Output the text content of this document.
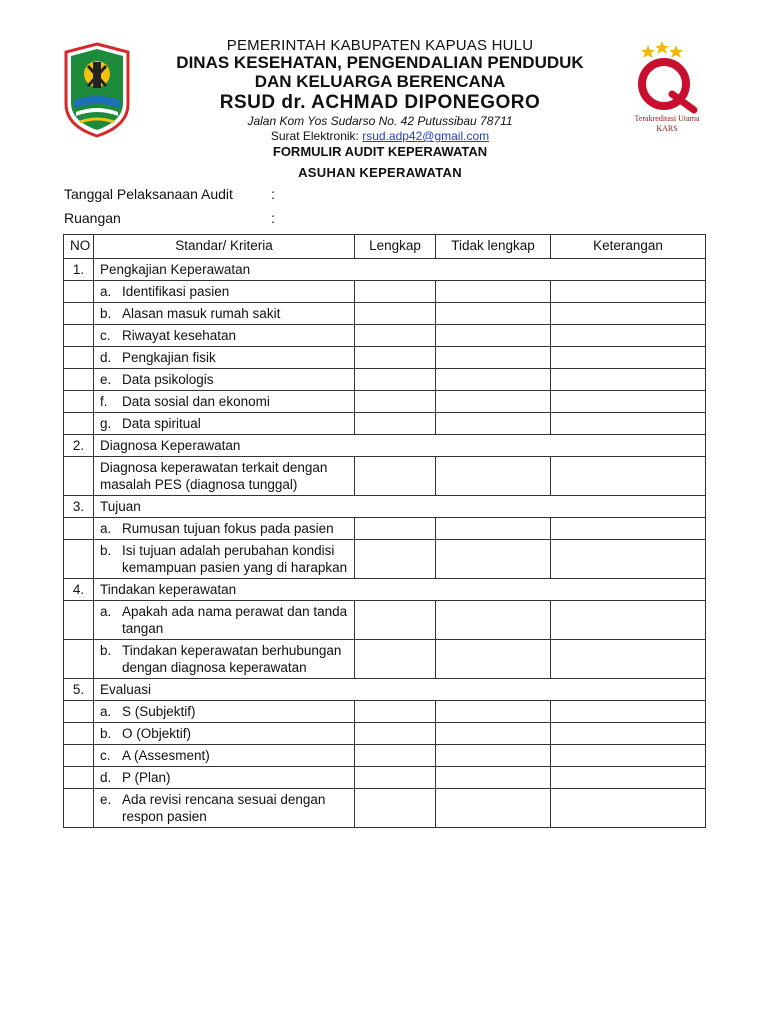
PEMERINTAH KABUPATEN KAPUAS HULU
DINAS KESEHATAN, PENGENDALIAN PENDUDUK
DAN KELUARGA BERENCANA
RSUD dr. ACHMAD DIPONEGORO
Jalan Kom Yos Sudarso No. 42 Putussibau 78711
Surat Elektronik: rsud.adp42@gmail.com
FORMULIR AUDIT KEPERAWATAN
ASUHAN KEPERAWATAN
Terakreditasi Utama
KARS
Tanggal Pelaksanaan Audit	:
Ruangan	:
NO	Standar/ Kriteria	Lengkap	Tidak lengkap	Keterangan
1.	Pengkajian Keperawatan			

	a. Identifikasi pasien			

	b. Alasan masuk rumah sakit			

	c. Riwayat kesehatan			

	d. Pengkajian fisik			

	e. Data psikologis			

	f. Data sosial dan ekonomi			

	g. Data spiritual			

2.	Diagnosa Keperawatan			

	Diagnosa keperawatan terkait dengan masalah PES (diagnosa tunggal)			

3.	Tujuan			

	a. Rumusan tujuan fokus pada pasien			

	b. Isi tujuan adalah perubahan kondisi kemampuan pasien yang di harapkan			

4.	Tindakan keperawatan			

	a. Apakah ada nama perawat dan tanda tangan			

	b. Tindakan keperawatan berhubungan dengan diagnosa keperawatan			

5.	Evaluasi			

	a. S (Subjektif)			

	b. O (Objektif)			

	c. A (Assesment)			

	d. P (Plan)			

	e. Ada revisi rencana sesuai dengan respon pasien			
